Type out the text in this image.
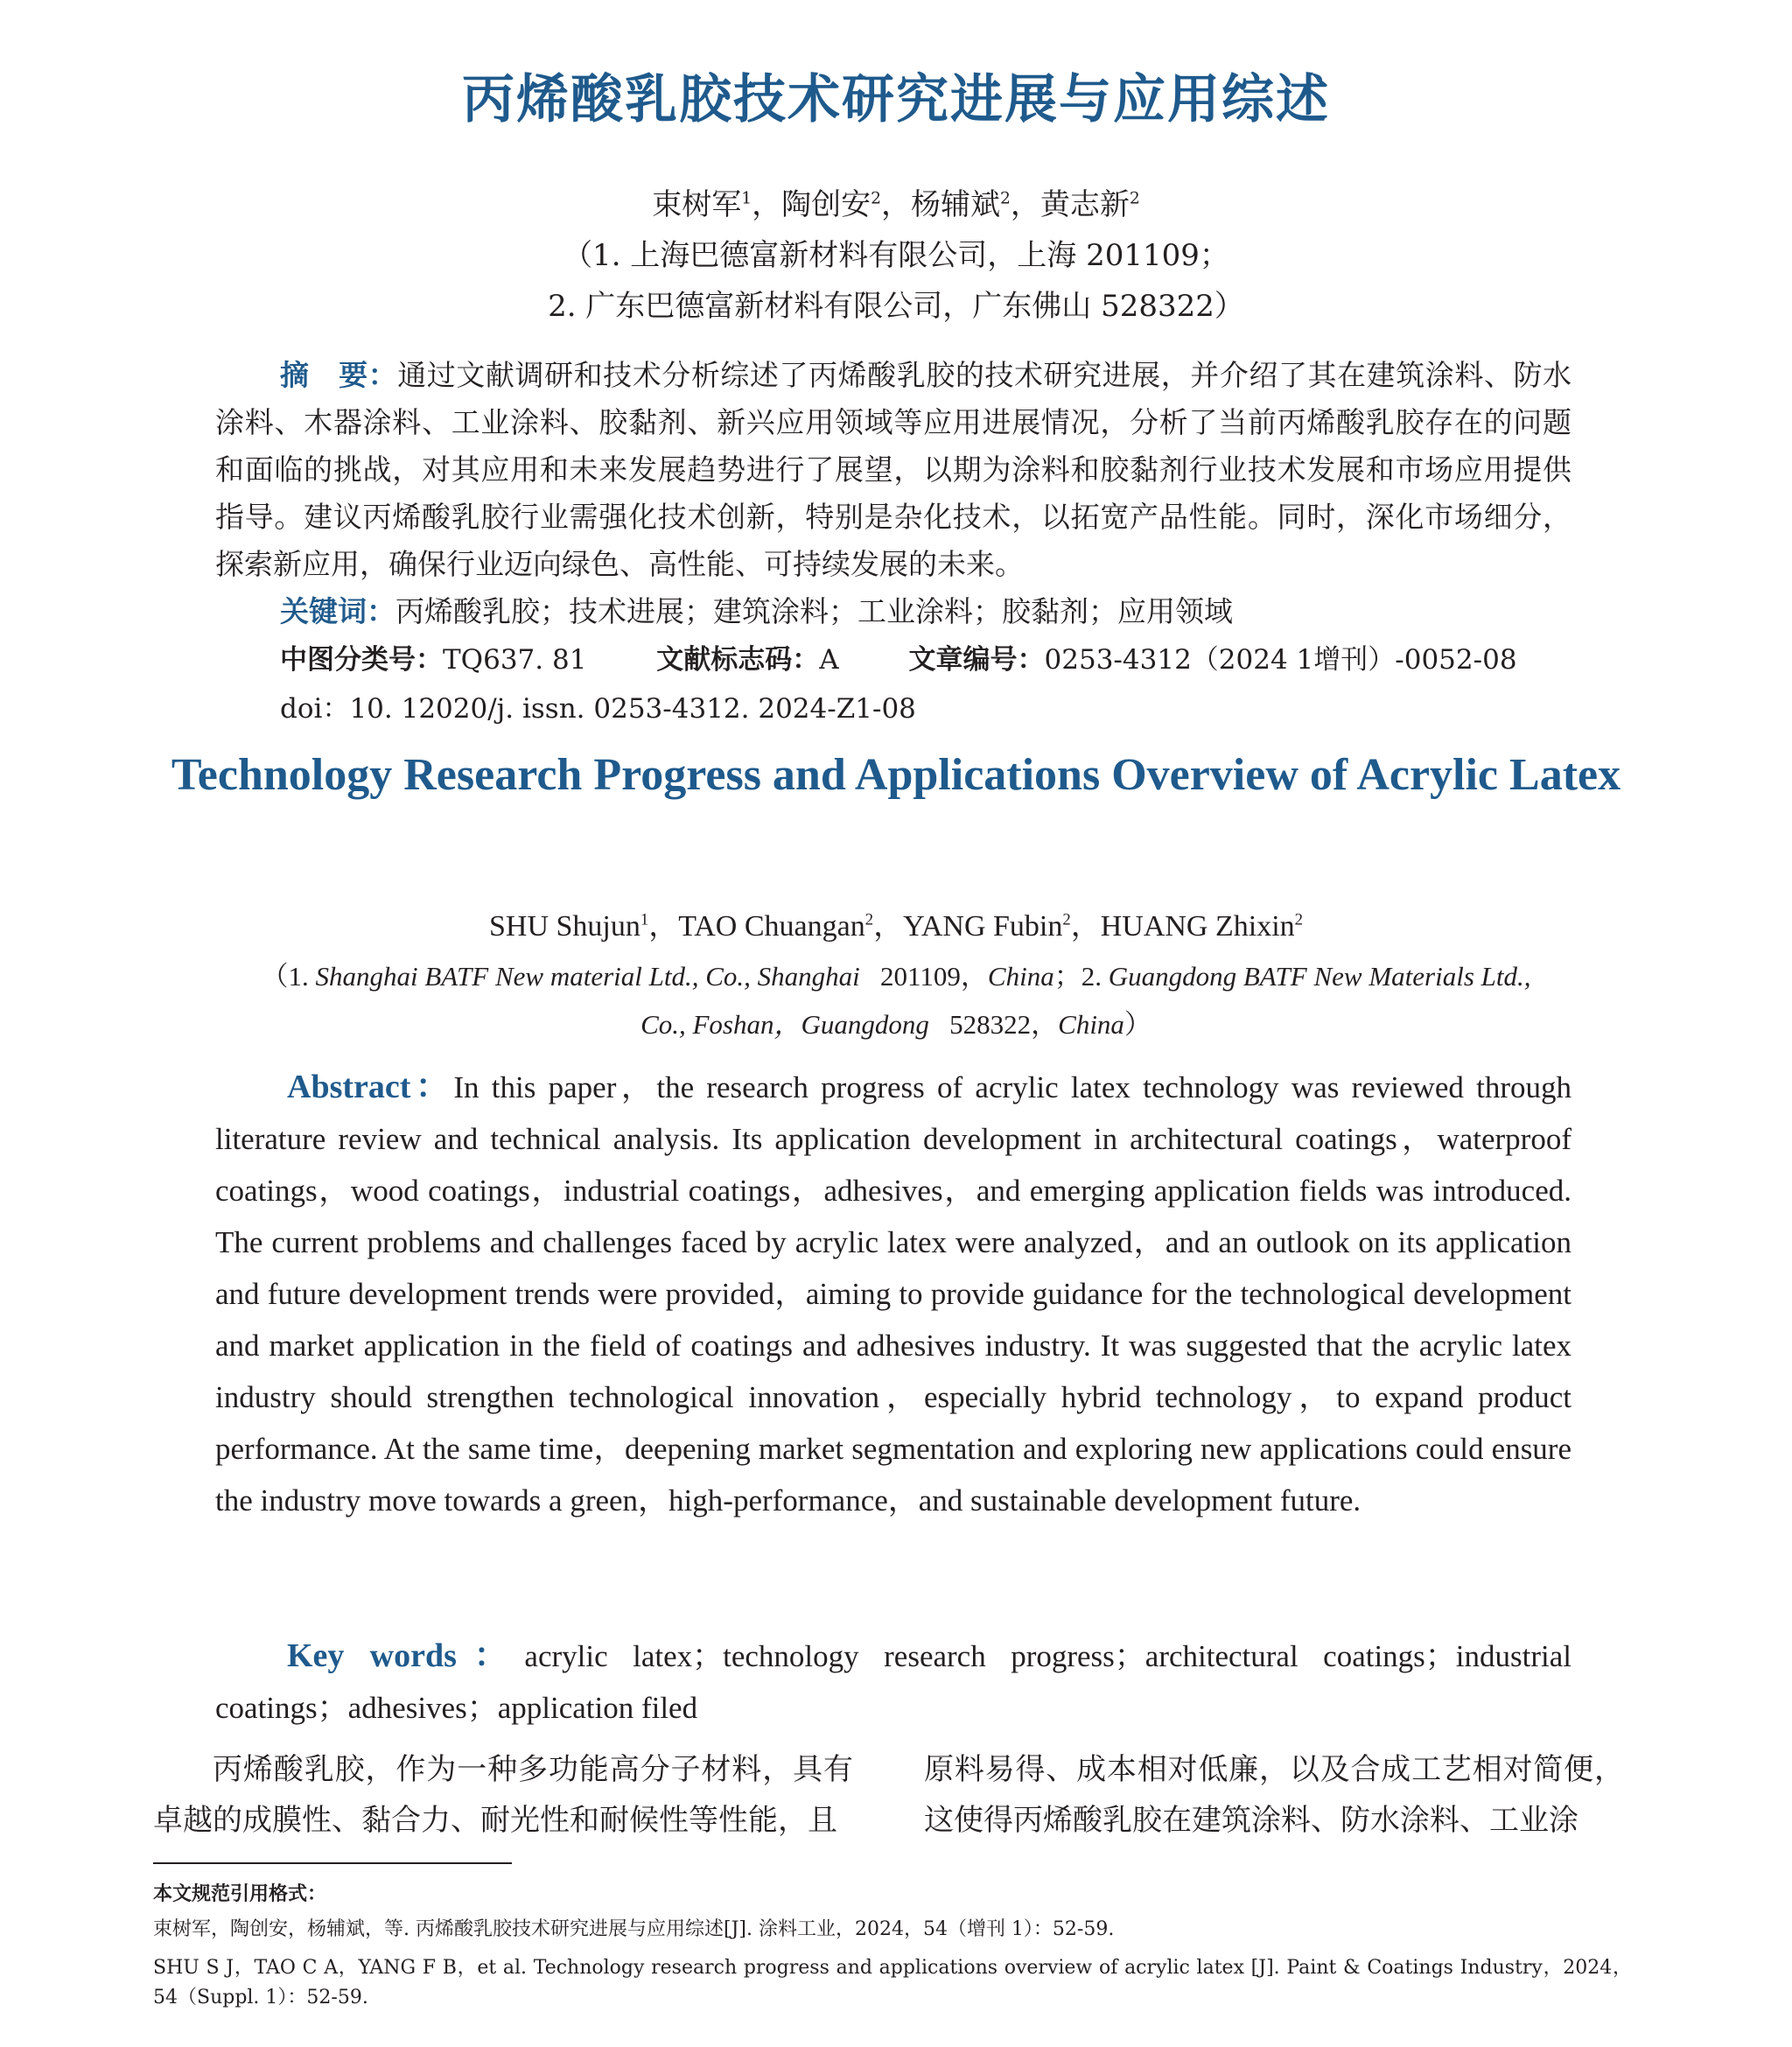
丙烯酸乳胶技术研究进展与应用综述
束树军$^1$，陶创安$^2$，杨辅斌$^2$，黄志新$^2$
（1. 上海巴德富新材料有限公司，上海 201109；
2. 广东巴德富新材料有限公司，广东佛山 528322）
摘　要：通过文献调研和技术分析综述了丙烯酸乳胶的技术研究进展，并介绍了其在建筑涂料、防水涂料、木器涂料、工业涂料、胶黏剂、新兴应用领域等应用进展情况，分析了当前丙烯酸乳胶存在的问题和面临的挑战，对其应用和未来发展趋势进行了展望，以期为涂料和胶黏剂行业技术发展和市场应用提供指导。建议丙烯酸乳胶行业需强化技术创新，特别是杂化技术，以拓宽产品性能。同时，深化市场细分，探索新应用，确保行业迈向绿色、高性能、可持续发展的未来。
关键词：丙烯酸乳胶；技术进展；建筑涂料；工业涂料；胶黏剂；应用领域
中图分类号：TQ637. 81	文献标志码：A	文章编号：0253-4312（2024 1增刊）-0052-08
doi：10. 12020/j. issn. 0253-4312. 2024-Z1-08
Technology Research Progress and Applications Overview of Acrylic Latex
SHU Shujun$^1$，TAO Chuangan$^2$，YANG Fubin$^2$，HUANG Zhixin$^2$
（1. Shanghai BATF New material Ltd., Co., Shanghai 201109，China；2. Guangdong BATF New Materials Ltd.,
Co., Foshan，Guangdong 528322，China）
Abstract：In this paper，the research progress of acrylic latex technology was reviewed through literature review and technical analysis. Its application development in architectural coatings，waterproof coatings，wood coatings，industrial coatings，adhesives，and emerging application fields was introduced. The current problems and challenges faced by acrylic latex were analyzed，and an outlook on its application and future development trends were provided，aiming to provide guidance for the technological development and market application in the field of coatings and adhesives industry. It was suggested that the acrylic latex industry should strengthen technological innovation，especially hybrid technology，to expand product performance. At the same time，deepening market segmentation and exploring new applications could ensure the industry move towards a green，high-performance，and sustainable development future.
Key words：acrylic latex；technology research progress；architectural coatings；industrial coatings；adhesives；application filed
丙烯酸乳胶，作为一种多功能高分子材料，具有卓越的成膜性、黏合力、耐光性和耐候性等性能，且
原料易得、成本相对低廉，以及合成工艺相对简便，这使得丙烯酸乳胶在建筑涂料、防水涂料、工业涂
本文规范引用格式：
束树军，陶创安，杨辅斌，等. 丙烯酸乳胶技术研究进展与应用综述[J]. 涂料工业，2024，54（增刊 1）：52-59.
SHU S J，TAO C A，YANG F B，et al. Technology research progress and applications overview of acrylic latex [J]. Paint & Coatings Industry，2024，54（Suppl. 1）：52-59.
